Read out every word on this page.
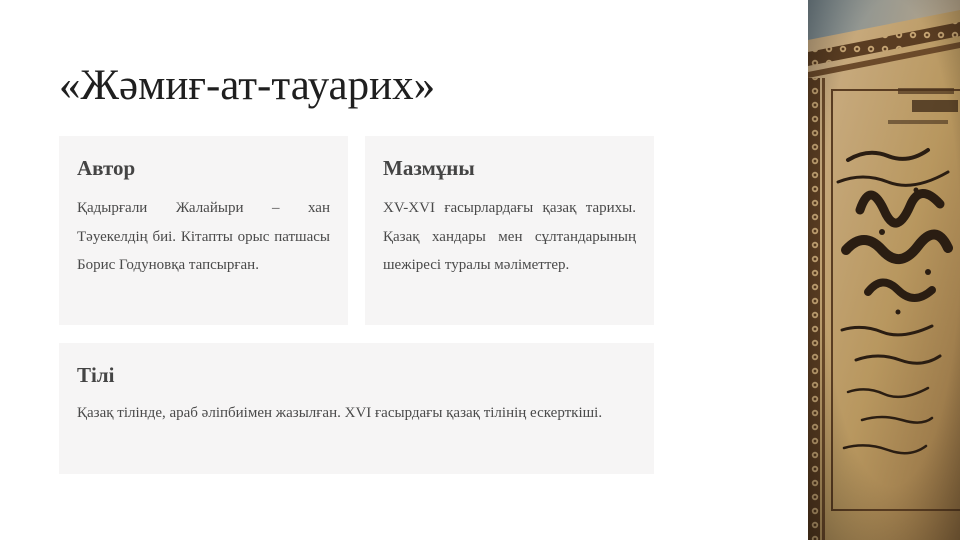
«Жәмиғ-ат-тауарих»
Автор

Қадырғали Жалайыри – хан Тәуекелдің биі. Кітапты орыс патшасы Борис Годуновқа тапсырған.

Мазмұны

XV-XVI ғасырлардағы қазақ тарихы. Қазақ хандары мен сұлтандарының шежіресі туралы мәліметтер.

Тілі

Қазақ тілінде, араб әліпбиімен жазылған. XVI ғасырдағы қазақ тілінің ескерткіші.
